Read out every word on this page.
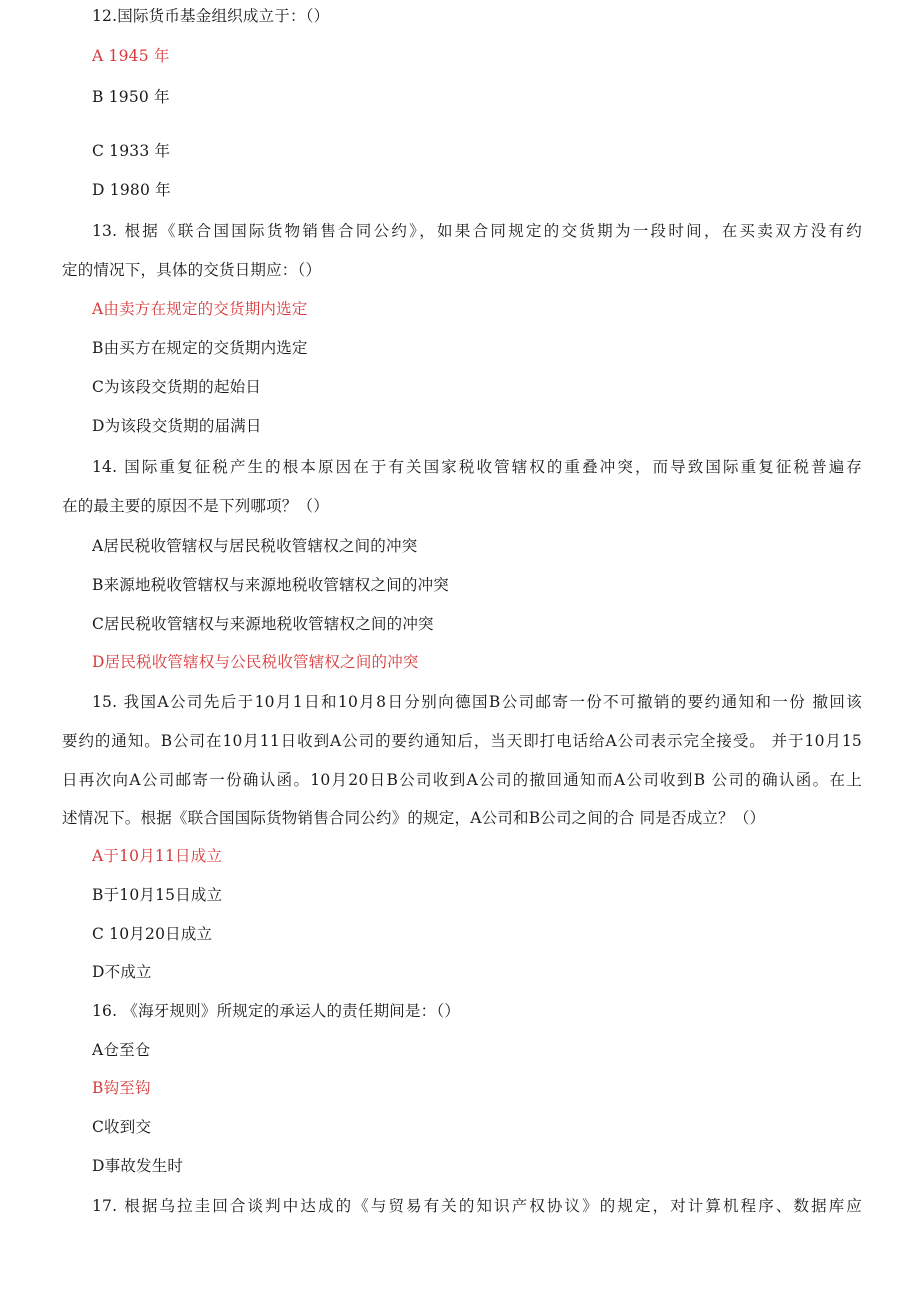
12.国际货币基金组织成立于：（）
A 1945 年
B 1950 年
C 1933 年
D 1980 年
13. 根据《联合国国际货物销售合同公约》，如果合同规定的交货期为一段时间，在买卖双方没有约
定的情况下，具体的交货日期应：（）
A由卖方在规定的交货期内选定
B由买方在规定的交货期内选定
C为该段交货期的起始日
D为该段交货期的届满日
14. 国际重复征税产生的根本原因在于有关国家税收管辖权的重叠冲突，而导致国际重复征税普遍存
在的最主要的原因不是下列哪项？（）
A居民税收管辖权与居民税收管辖权之间的冲突
B来源地税收管辖权与来源地税收管辖权之间的冲突
C居民税收管辖权与来源地税收管辖权之间的冲突
D居民税收管辖权与公民税收管辖权之间的冲突
15. 我国A公司先后于10月1日和10月8日分别向德国B公司邮寄一份不可撤销的要约通知和一份 撤回该
要约的通知。B公司在10月11日收到A公司的要约通知后，当天即打电话给A公司表示完全接受。 并于10月15
日再次向A公司邮寄一份确认函。10月20日B公司收到A公司的撤回通知而A公司收到B 公司的确认函。在上
述情况下。根据《联合国国际货物销售合同公约》的规定，A公司和B公司之间的合 同是否成立？（）
A于10月11日成立
B于10月15日成立
C 10月20日成立
D不成立
16. 《海牙规则》所规定的承运人的责任期间是：（）
A仓至仓
B钩至钩
C收到交
D事故发生时
17. 根据乌拉圭回合谈判中达成的《与贸易有关的知识产权协议》的规定，对计算机程序、数据库应
